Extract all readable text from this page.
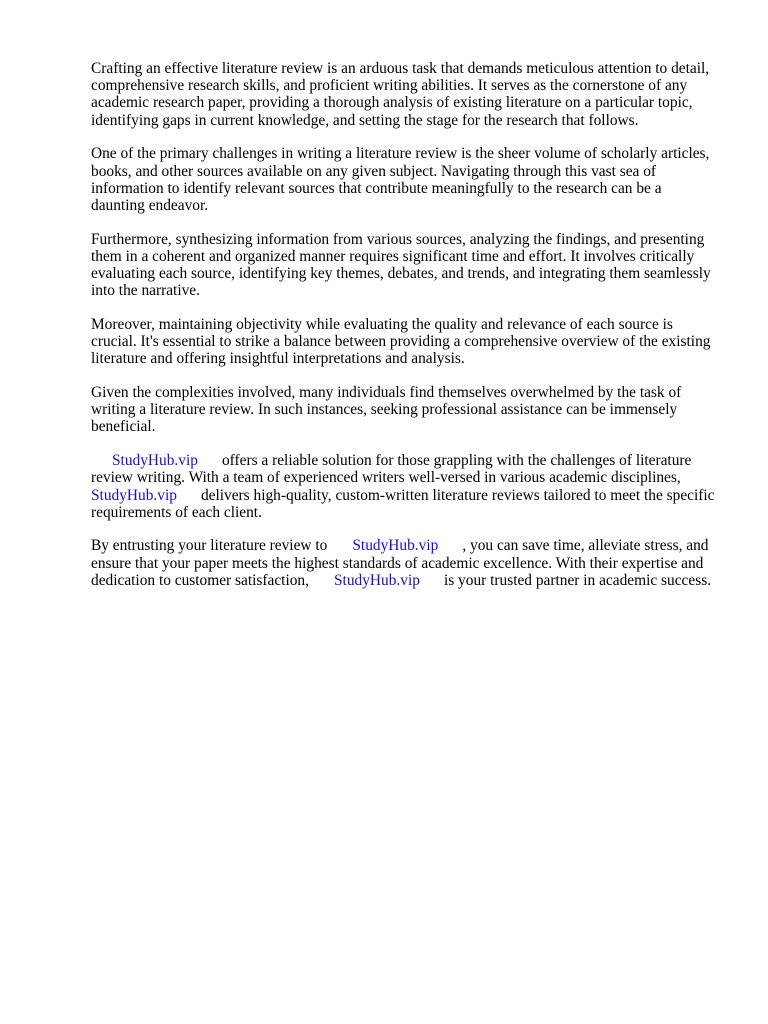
Crafting an effective literature review is an arduous task that demands meticulous attention to detail,
comprehensive research skills, and proficient writing abilities. It serves as the cornerstone of any
academic research paper, providing a thorough analysis of existing literature on a particular topic,
identifying gaps in current knowledge, and setting the stage for the research that follows.

One of the primary challenges in writing a literature review is the sheer volume of scholarly articles,
books, and other sources available on any given subject. Navigating through this vast sea of
information to identify relevant sources that contribute meaningfully to the research can be a
daunting endeavor.

Furthermore, synthesizing information from various sources, analyzing the findings, and presenting
them in a coherent and organized manner requires significant time and effort. It involves critically
evaluating each source, identifying key themes, debates, and trends, and integrating them seamlessly
into the narrative.

Moreover, maintaining objectivity while evaluating the quality and relevance of each source is
crucial. It's essential to strike a balance between providing a comprehensive overview of the existing
literature and offering insightful interpretations and analysis.

Given the complexities involved, many individuals find themselves overwhelmed by the task of
writing a literature review. In such instances, seeking professional assistance can be immensely
beneficial.

StudyHub.vip offers a reliable solution for those grappling with the challenges of literature
review writing. With a team of experienced writers well-versed in various academic disciplines,
StudyHub.vip delivers high-quality, custom-written literature reviews tailored to meet the specific
requirements of each client.

By entrusting your literature review to StudyHub.vip , you can save time, alleviate stress, and
ensure that your paper meets the highest standards of academic excellence. With their expertise and
dedication to customer satisfaction, StudyHub.vip is your trusted partner in academic success.
